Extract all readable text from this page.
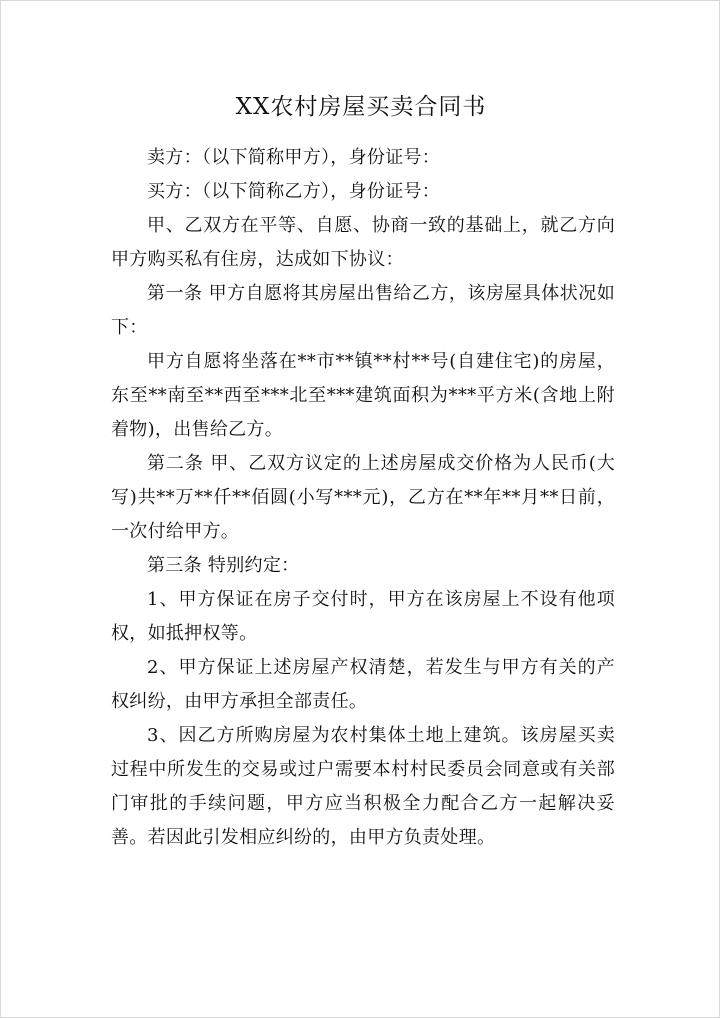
XX农村房屋买卖合同书

卖方：（以下简称甲方），身份证号：

买方：（以下简称乙方），身份证号：

甲、乙双方在平等、自愿、协商一致的基础上，就乙方向甲方购买私有住房，达成如下协议：

第一条 甲方自愿将其房屋出售给乙方，该房屋具体状况如下：

甲方自愿将坐落在**市**镇**村**号(自建住宅)的房屋，东至**南至**西至***北至***建筑面积为***平方米(含地上附着物)，出售给乙方。

第二条 甲、乙双方议定的上述房屋成交价格为人民币(大写)共**万**仟**佰圆(小写***元)，乙方在**年**月**日前，一次付给甲方。

第三条 特别约定：

1、甲方保证在房子交付时，甲方在该房屋上不设有他项权，如抵押权等。

2、甲方保证上述房屋产权清楚，若发生与甲方有关的产权纠纷，由甲方承担全部责任。

3、因乙方所购房屋为农村集体土地上建筑。该房屋买卖过程中所发生的交易或过户需要本村村民委员会同意或有关部门审批的手续问题，甲方应当积极全力配合乙方一起解决妥善。若因此引发相应纠纷的，由甲方负责处理。
